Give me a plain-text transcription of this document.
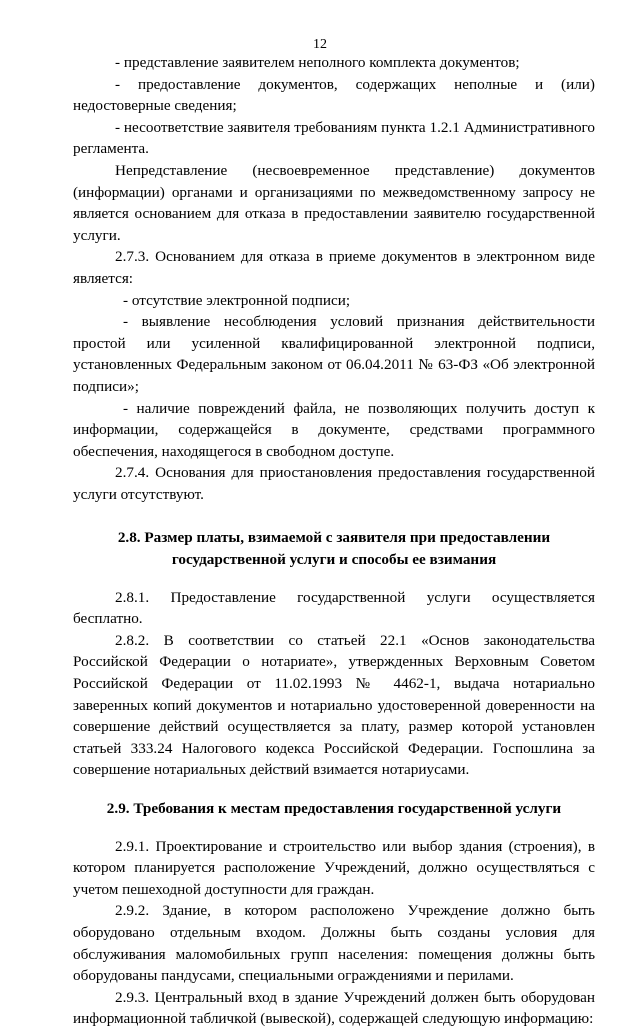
12

- представление заявителем неполного комплекта документов;

- предоставление документов, содержащих неполные и (или) недостоверные сведения;

- несоответствие заявителя требованиям пункта 1.2.1 Административного регламента.

Непредставление (несвоевременное представление) документов (информации) органами и организациями по межведомственному запросу не является основанием для отказа в предоставлении заявителю государственной услуги.

2.7.3. Основанием для отказа в приеме документов в электронном виде является:

- отсутствие электронной подписи;

- выявление несоблюдения условий признания действительности простой или усиленной квалифицированной электронной подписи, установленных Федеральным законом от 06.04.2011 № 63-ФЗ «Об электронной подписи»;

- наличие повреждений файла, не позволяющих получить доступ к информации, содержащейся в документе, средствами программного обеспечения, находящегося в свободном доступе.

2.7.4. Основания для приостановления предоставления государственной услуги отсутствуют.

2.8. Размер платы, взимаемой с заявителя при предоставлении государственной услуги и способы ее взимания

2.8.1. Предоставление государственной услуги осуществляется бесплатно.

2.8.2. В соответствии со статьей 22.1 «Основ законодательства Российской Федерации о нотариате», утвержденных Верховным Советом Российской Федерации от 11.02.1993 № 4462-1, выдача нотариально заверенных копий документов и нотариально удостоверенной доверенности на совершение действий осуществляется за плату, размер которой установлен статьей 333.24 Налогового кодекса Российской Федерации. Госпошлина за совершение нотариальных действий взимается нотариусами.

2.9. Требования к местам предоставления государственной услуги

2.9.1. Проектирование и строительство или выбор здания (строения), в котором планируется расположение Учреждений, должно осуществляться с учетом пешеходной доступности для граждан.

2.9.2. Здание, в котором расположено Учреждение должно быть оборудовано отдельным входом. Должны быть созданы условия для обслуживания маломобильных групп населения: помещения должны быть оборудованы пандусами, специальными ограждениями и перилами.

2.9.3. Центральный вход в здание Учреждений должен быть оборудован информационной табличкой (вывеской), содержащей следующую информацию:
